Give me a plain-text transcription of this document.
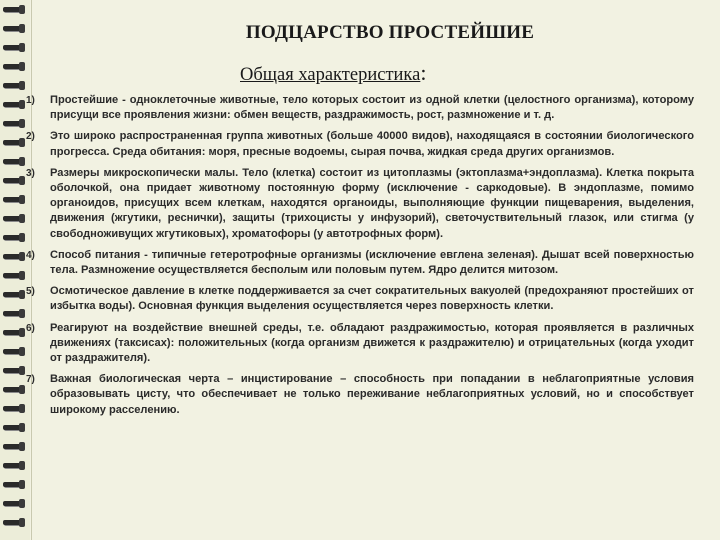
ПОДЦАРСТВО ПРОСТЕЙШИЕ
Общая характеристика:
1) Простейшие - одноклеточные животные, тело которых состоит из одной клетки (целостного организма), которому присущи все проявления жизни: обмен веществ, раздражимость, рост, размножение и т. д.
2) Это широко распространенная группа животных (больше 40000 видов), находящаяся в состоянии биологического прогресса. Среда обитания: моря, пресные водоемы, сырая почва, жидкая среда других организмов.
3) Размеры микроскопически малы. Тело (клетка) состоит из цитоплазмы (эктоплазма+эндоплазма). Клетка покрыта оболочкой, она придает животному постоянную форму (исключение - саркодовые). В эндоплазме, помимо органоидов, присущих всем клеткам, находятся органоиды, выполняющие функции пищеварения, выделения, движения (жгутики, реснички), защиты (трихоцисты у инфузорий), светочуствительный глазок, или стигма (у свободноживущих жгутиковых), хроматофоры (у автотрофных форм).
4) Способ питания - типичные гетеротрофные организмы (исключение евглена зеленая). Дышат всей поверхностью тела. Размножение осуществляется бесполым или половым путем. Ядро делится митозом.
5) Осмотическое давление в клетке поддерживается за счет сократительных вакуолей (предохраняют простейших от избытка воды). Основная функция выделения осуществляется через поверхность клетки.
6) Реагируют на воздействие внешней среды, т.е. обладают раздражимостью, которая проявляется в различных движениях (таксисах): положительных (когда организм движется к раздражителю) и отрицательных (когда уходит от раздражителя).
7) Важная биологическая черта – инцистирование – способность при попадании в неблагоприятные условия образовывать цисту, что обеспечивает не только переживание неблагоприятных условий, но и способствует широкому расселению.
